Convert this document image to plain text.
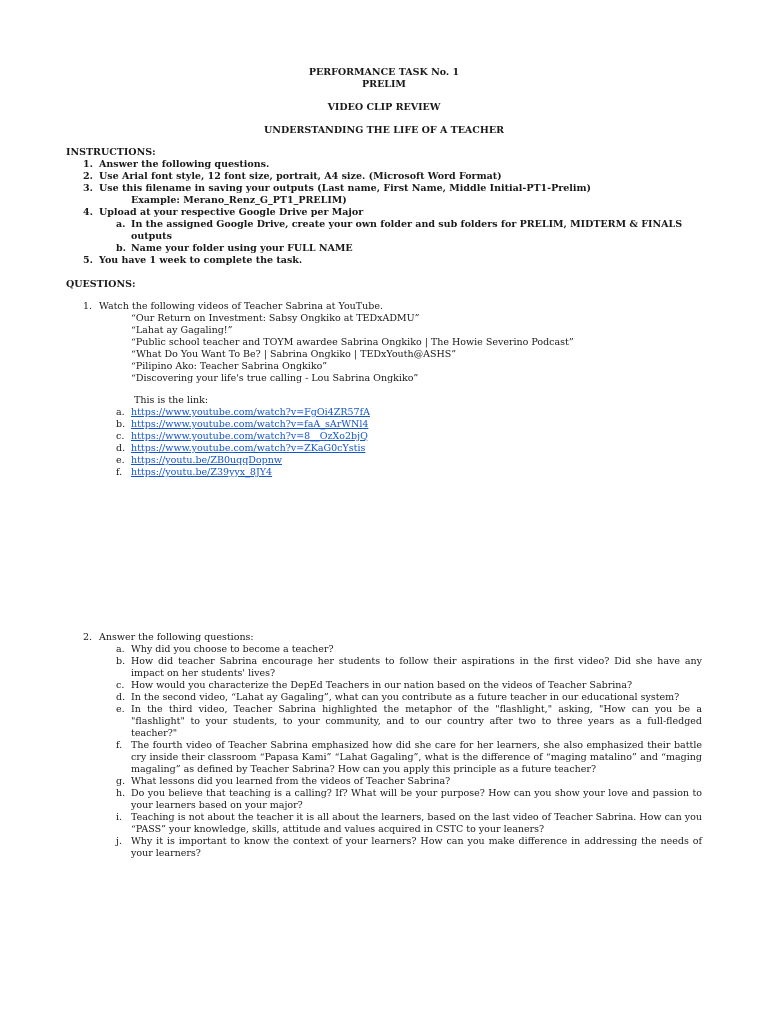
PERFORMANCE TASK No. 1
PRELIM
VIDEO CLIP REVIEW
UNDERSTANDING THE LIFE OF A TEACHER
INSTRUCTIONS:
1. Answer the following questions.
2. Use Arial font style, 12 font size, portrait, A4 size. (Microsoft Word Format)
3. Use this filename in saving your outputs (Last name, First Name, Middle Initial-PT1-Prelim)
Example: Merano_Renz_G_PT1_PRELIM)
4. Upload at your respective Google Drive per Major
a. In the assigned Google Drive, create your own folder and sub folders for PRELIM, MIDTERM & FINALS
outputs
b. Name your folder using your FULL NAME
5. You have 1 week to complete the task.
QUESTIONS:
1. Watch the following videos of Teacher Sabrina at YouTube.
“Our Return on Investment: Sabsy Ongkiko at TEDxADMU”
“Lahat ay Gagaling!”
“Public school teacher and TOYM awardee Sabrina Ongkiko | The Howie Severino Podcast”
“What Do You Want To Be? | Sabrina Ongkiko | TEDxYouth@ASHS”
“Pilipino Ako: Teacher Sabrina Ongkiko”
“Discovering your life's true calling - Lou Sabrina Ongkiko”
This is the link:
a. https://www.youtube.com/watch?v=FgOi4ZR57fA
b. https://www.youtube.com/watch?v=faA_sArWNl4
c. https://www.youtube.com/watch?v=8__OzXo2bjQ
d. https://www.youtube.com/watch?v=ZKaG0cYstis
e. https://youtu.be/ZB0uqqDopnw
f. https://youtu.be/Z39yyx_8JY4
2. Answer the following questions:
a. Why did you choose to become a teacher?
b. How did teacher Sabrina encourage her students to follow their aspirations in the first video? Did she have any impact on her students' lives?
c. How would you characterize the DepEd Teachers in our nation based on the videos of Teacher Sabrina?
d. In the second video, “Lahat ay Gagaling”, what can you contribute as a future teacher in our educational system?
e. In the third video, Teacher Sabrina highlighted the metaphor of the "flashlight," asking, "How can you be a "flashlight" to your students, to your community, and to our country after two to three years as a full-fledged teacher?"
f. The fourth video of Teacher Sabrina emphasized how did she care for her learners, she also emphasized their battle cry inside their classroom “Papasa Kami” “Lahat Gagaling”, what is the difference of “maging matalino” and “maging magaling” as defined by Teacher Sabrina? How can you apply this principle as a future teacher?
g. What lessons did you learned from the videos of Teacher Sabrina?
h. Do you believe that teaching is a calling? If? What will be your purpose? How can you show your love and passion to your learners based on your major?
i. Teaching is not about the teacher it is all about the learners, based on the last video of Teacher Sabrina. How can you “PASS” your knowledge, skills, attitude and values acquired in CSTC to your leaners?
j. Why it is important to know the context of your learners? How can you make difference in addressing the needs of your learners?
